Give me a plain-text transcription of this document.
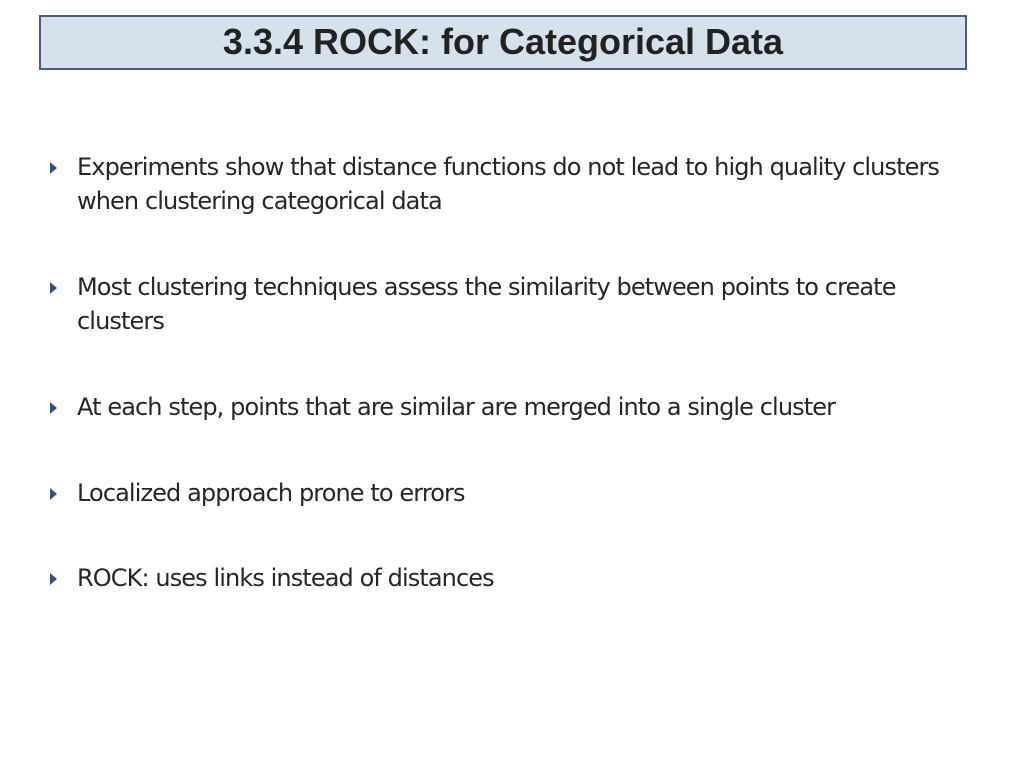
3.3.4 ROCK: for Categorical Data
Experiments show that distance functions do not lead to high quality clusters when clustering categorical data
Most clustering techniques assess the similarity between points to create clusters
At each step, points that are similar are merged into a single cluster
Localized approach prone to errors
ROCK: uses links instead of distances
